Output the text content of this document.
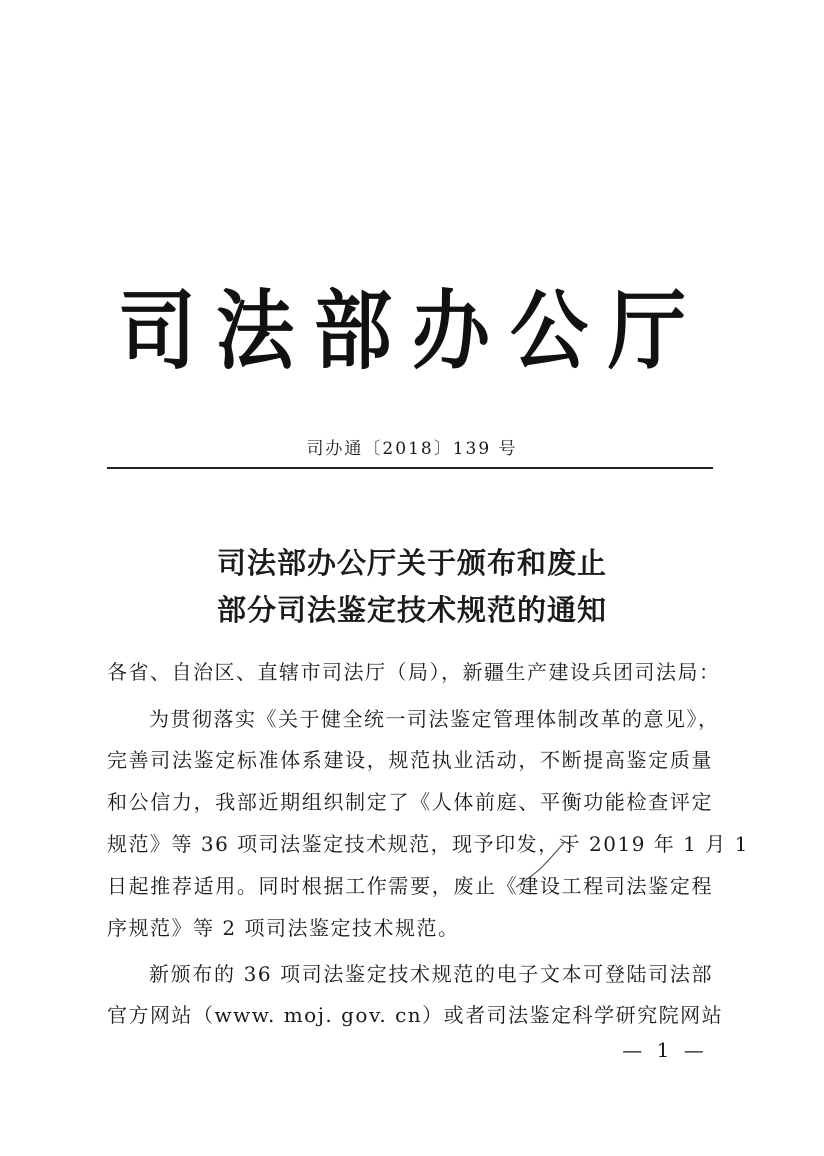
司法部办公厅
司办通〔2018〕139 号
司法部办公厅关于颁布和废止
部分司法鉴定技术规范的通知
各省、自治区、直辖市司法厅（局），新疆生产建设兵团司法局：
为贯彻落实《关于健全统一司法鉴定管理体制改革的意见》，
完善司法鉴定标准体系建设，规范执业活动，不断提高鉴定质量
和公信力，我部近期组织制定了《人体前庭、平衡功能检查评定
规范》等 36 项司法鉴定技术规范，现予印发，于 2019 年 1 月 1
日起推荐适用。同时根据工作需要，废止《建设工程司法鉴定程
序规范》等 2 项司法鉴定技术规范。
新颁布的 36 项司法鉴定技术规范的电子文本可登陆司法部
官方网站（www. moj. gov. cn）或者司法鉴定科学研究院网站
— 1 —
